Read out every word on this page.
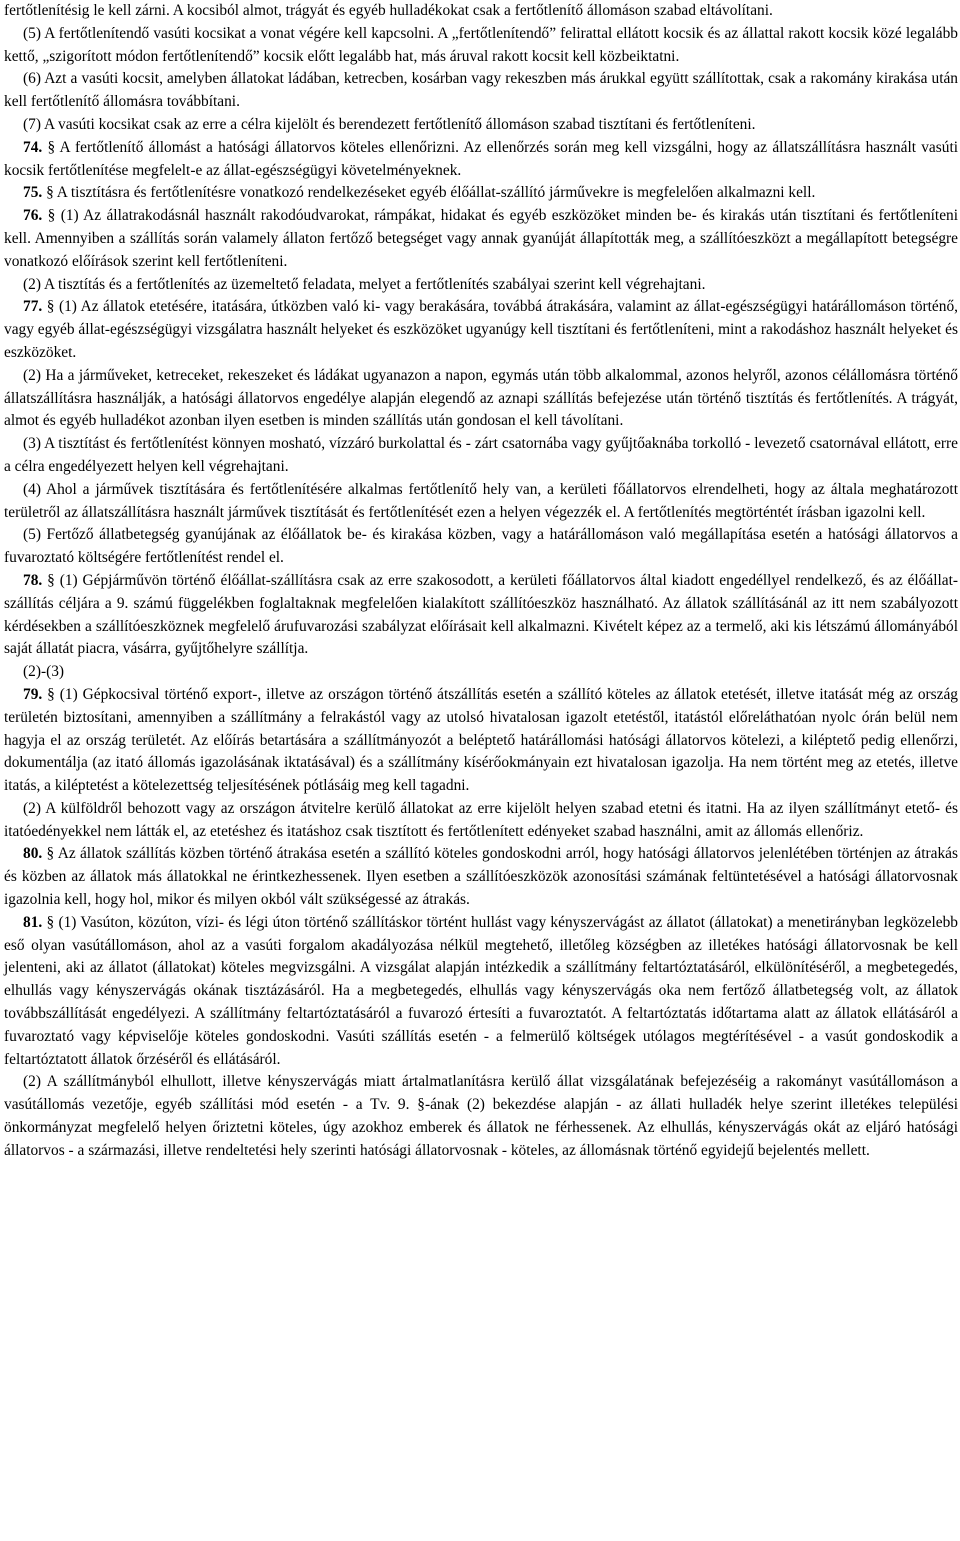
fertőtlenítésig le kell zárni. A kocsiból almot, trágyát és egyéb hulladékokat csak a fertőtlenítő állomáson szabad eltávolítani.

(5) A fertőtlenítendő vasúti kocsikat a vonat végére kell kapcsolni. A „fertőtlenítendő” felirattal ellátott kocsik és az állattal rakott kocsik közé legalább kettő, „szigorított módon fertőtlenítendő” kocsik előtt legalább hat, más áruval rakott kocsit kell közbeiktatni.

(6) Azt a vasúti kocsit, amelyben állatokat ládában, ketrecben, kosárban vagy rekeszben más árukkal együtt szállítottak, csak a rakomány kirakása után kell fertőtlenítő állomásra továbbítani.

(7) A vasúti kocsikat csak az erre a célra kijelölt és berendezett fertőtlenítő állomáson szabad tisztítani és fertőtleníteni.

74. § A fertőtlenítő állomást a hatósági állatorvos köteles ellenőrizni. Az ellenőrzés során meg kell vizsgálni, hogy az állatszállításra használt vasúti kocsik fertőtlenítése megfelelt-e az állat-egészségügyi követelményeknek.

75. § A tisztításra és fertőtlenítésre vonatkozó rendelkezéseket egyéb élőállat-szállító járművekre is megfelelően alkalmazni kell.

76. § (1) Az állatrakodásnál használt rakodóudvarokat, rámpákat, hidakat és egyéb eszközöket minden be- és kirakás után tisztítani és fertőtleníteni kell. Amennyiben a szállítás során valamely állaton fertőző betegséget vagy annak gyanúját állapították meg, a szállítóeszközt a megállapított betegségre vonatkozó előírások szerint kell fertőtleníteni.

(2) A tisztítás és a fertőtlenítés az üzemeltető feladata, melyet a fertőtlenítés szabályai szerint kell végrehajtani.

77. § (1) Az állatok etetésére, itatására, útközben való ki- vagy berakására, továbbá átrakására, valamint az állat-egészségügyi határállomáson történő, vagy egyéb állat-egészségügyi vizsgálatra használt helyeket és eszközöket ugyanúgy kell tisztítani és fertőtleníteni, mint a rakodáshoz használt helyeket és eszközöket.

(2) Ha a járműveket, ketreceket, rekeszeket és ládákat ugyanazon a napon, egymás után több alkalommal, azonos helyről, azonos célállomásra történő állatszállításra használják, a hatósági állatorvos engedélye alapján elegendő az aznapi szállítás befejezése után történő tisztítás és fertőtlenítés. A trágyát, almot és egyéb hulladékot azonban ilyen esetben is minden szállítás után gondosan el kell távolítani.

(3) A tisztítást és fertőtlenítést könnyen mosható, vízzáró burkolattal és - zárt csatornába vagy gyűjtőaknába torkolló - levezető csatornával ellátott, erre a célra engedélyezett helyen kell végrehajtani.

(4) Ahol a járművek tisztítására és fertőtlenítésére alkalmas fertőtlenítő hely van, a kerületi főállatorvos elrendelheti, hogy az általa meghatározott területről az állatszállításra használt járművek tisztítását és fertőtlenítését ezen a helyen végezzék el. A fertőtlenítés megtörténtét írásban igazolni kell.

(5) Fertőző állatbetegség gyanújának az élőállatok be- és kirakása közben, vagy a határállomáson való megállapítása esetén a hatósági állatorvos a fuvaroztató költségére fertőtlenítést rendel el.

78. § (1) Gépjárművön történő élőállat-szállításra csak az erre szakosodott, a kerületi főállatorvos által kiadott engedéllyel rendelkező, és az élőállat-szállítás céljára a 9. számú függelékben foglaltaknak megfelelően kialakított szállítóeszköz használható. Az állatok szállításánál az itt nem szabályozott kérdésekben a szállítóeszköznek megfelelő árufuvarozási szabályzat előírásait kell alkalmazni. Kivételt képez az a termelő, aki kis létszámú állományából saját állatát piacra, vásárra, gyűjtőhelyre szállítja.

(2)-(3)

79. § (1) Gépkocsival történő export-, illetve az országon történő átszállítás esetén a szállító köteles az állatok etetését, illetve itatását még az ország területén biztosítani, amennyiben a szállítmány a felrakástól vagy az utolsó hivatalosan igazolt etetéstől, itatástól előreláthatóan nyolc órán belül nem hagyja el az ország területét. Az előírás betartására a szállítmányozót a beléptető határállomási hatósági állatorvos kötelezi, a kiléptető pedig ellenőrzi, dokumentálja (az itató állomás igazolásának iktatásával) és a szállítmány kísérőokmányain ezt hivatalosan igazolja. Ha nem történt meg az etetés, illetve itatás, a kiléptetést a kötelezettség teljesítésének pótlásáig meg kell tagadni.

(2) A külföldről behozott vagy az országon átvitelre kerülő állatokat az erre kijelölt helyen szabad etetni és itatni. Ha az ilyen szállítmányt etető- és itatóedényekkel nem látták el, az etetéshez és itatáshoz csak tisztított és fertőtlenített edényeket szabad használni, amit az állomás ellenőriz.

80. § Az állatok szállítás közben történő átrakása esetén a szállító köteles gondoskodni arról, hogy hatósági állatorvos jelenlétében történjen az átrakás és közben az állatok más állatokkal ne érintkezhessenek. Ilyen esetben a szállítóeszközök azonosítási számának feltüntetésével a hatósági állatorvosnak igazolnia kell, hogy hol, mikor és milyen okból vált szükségessé az átrakás.

81. § (1) Vasúton, közúton, vízi- és légi úton történő szállításkor történt hullást vagy kényszervágást az állatot (állatokat) a menetirányban legközelebb eső olyan vasútállomáson, ahol az a vasúti forgalom akadályozása nélkül megtehető, illetőleg községben az illetékes hatósági állatorvosnak be kell jelenteni, aki az állatot (állatokat) köteles megvizsgálni. A vizsgálat alapján intézkedik a szállítmány feltartóztatásáról, elkülönítéséről, a megbetegedés, elhullás vagy kényszervágás okának tisztázásáról. Ha a megbetegedés, elhullás vagy kényszervágás oka nem fertőző állatbetegség volt, az állatok továbbszállítását engedélyezi. A szállítmány feltartóztatásáról a fuvarozó értesíti a fuvaroztatót. A feltartóztatás időtartama alatt az állatok ellátásáról a fuvaroztató vagy képviselője köteles gondoskodni. Vasúti szállítás esetén - a felmerülő költségek utólagos megtérítésével - a vasút gondoskodik a feltartóztatott állatok őrzéséről és ellátásáról.

(2) A szállítmányból elhullott, illetve kényszervágás miatt ártalmatlanításra kerülő állat vizsgálatának befejezéséig a rakományt vasútállomáson a vasútállomás vezetője, egyéb szállítási mód esetén - a Tv. 9. §-ának (2) bekezdése alapján - az állati hulladék helye szerint illetékes települési önkormányzat megfelelő helyen őriztetni köteles, úgy azokhoz emberek és állatok ne férhessenek. Az elhullás, kényszervágás okát az eljáró hatósági állatorvos - a származási, illetve rendeltetési hely szerinti hatósági állatorvosnak - köteles, az állomásnak történő egyidejű bejelentés mellett.
